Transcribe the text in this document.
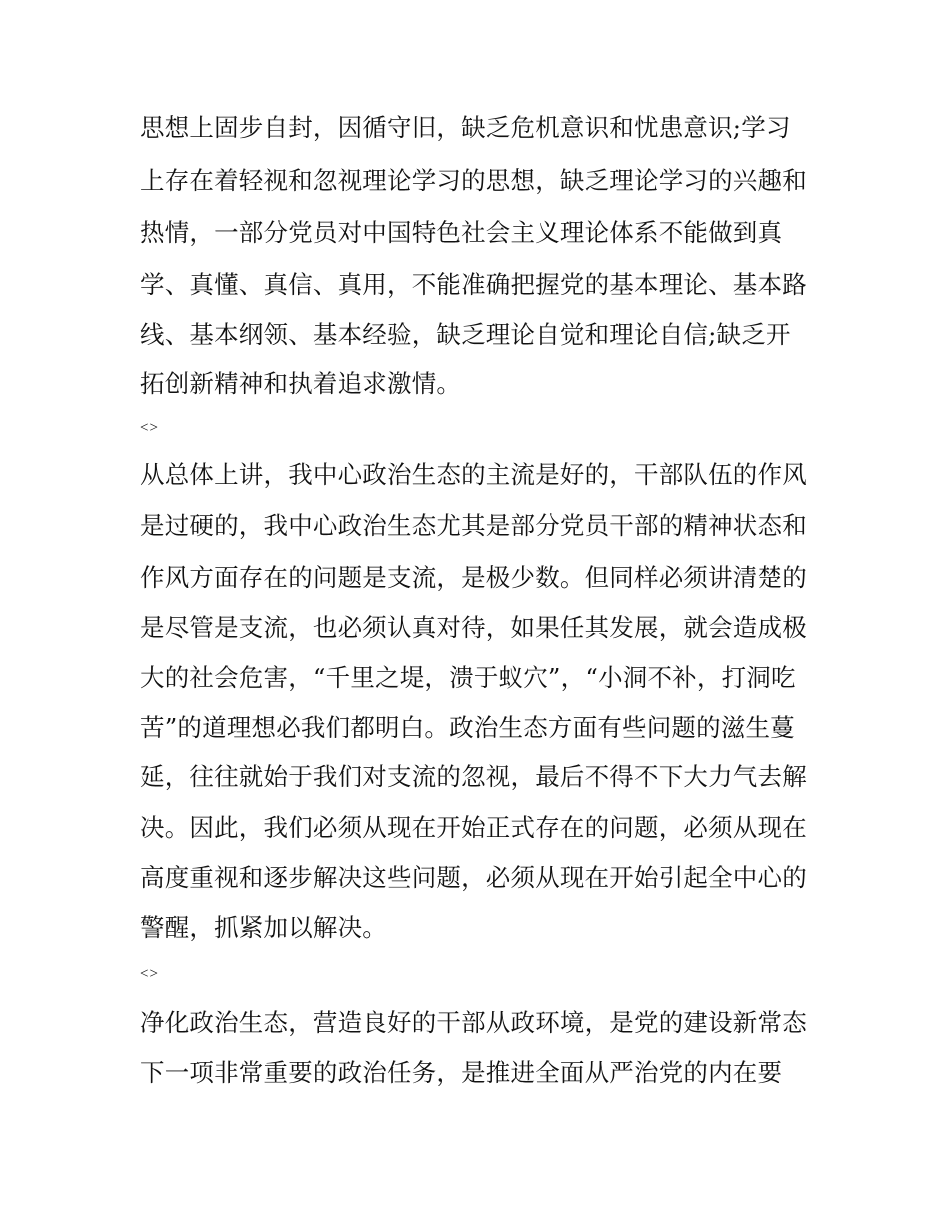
思想上固步自封，因循守旧，缺乏危机意识和忧患意识;学习
上存在着轻视和忽视理论学习的思想，缺乏理论学习的兴趣和
热情，一部分党员对中国特色社会主义理论体系不能做到真
学、真懂、真信、真用，不能准确把握党的基本理论、基本路
线、基本纲领、基本经验，缺乏理论自觉和理论自信;缺乏开
拓创新精神和执着追求激情。
<>
从总体上讲，我中心政治生态的主流是好的，干部队伍的作风
是过硬的，我中心政治生态尤其是部分党员干部的精神状态和
作风方面存在的问题是支流，是极少数。但同样必须讲清楚的
是尽管是支流，也必须认真对待，如果任其发展，就会造成极
大的社会危害，“千里之堤，溃于蚁穴”，“小洞不补，打洞吃
苦”的道理想必我们都明白。政治生态方面有些问题的滋生蔓
延，往往就始于我们对支流的忽视，最后不得不下大力气去解
决。因此，我们必须从现在开始正式存在的问题，必须从现在
高度重视和逐步解决这些问题，必须从现在开始引起全中心的
警醒，抓紧加以解决。
<>
净化政治生态，营造良好的干部从政环境，是党的建设新常态
下一项非常重要的政治任务，是推进全面从严治党的内在要
